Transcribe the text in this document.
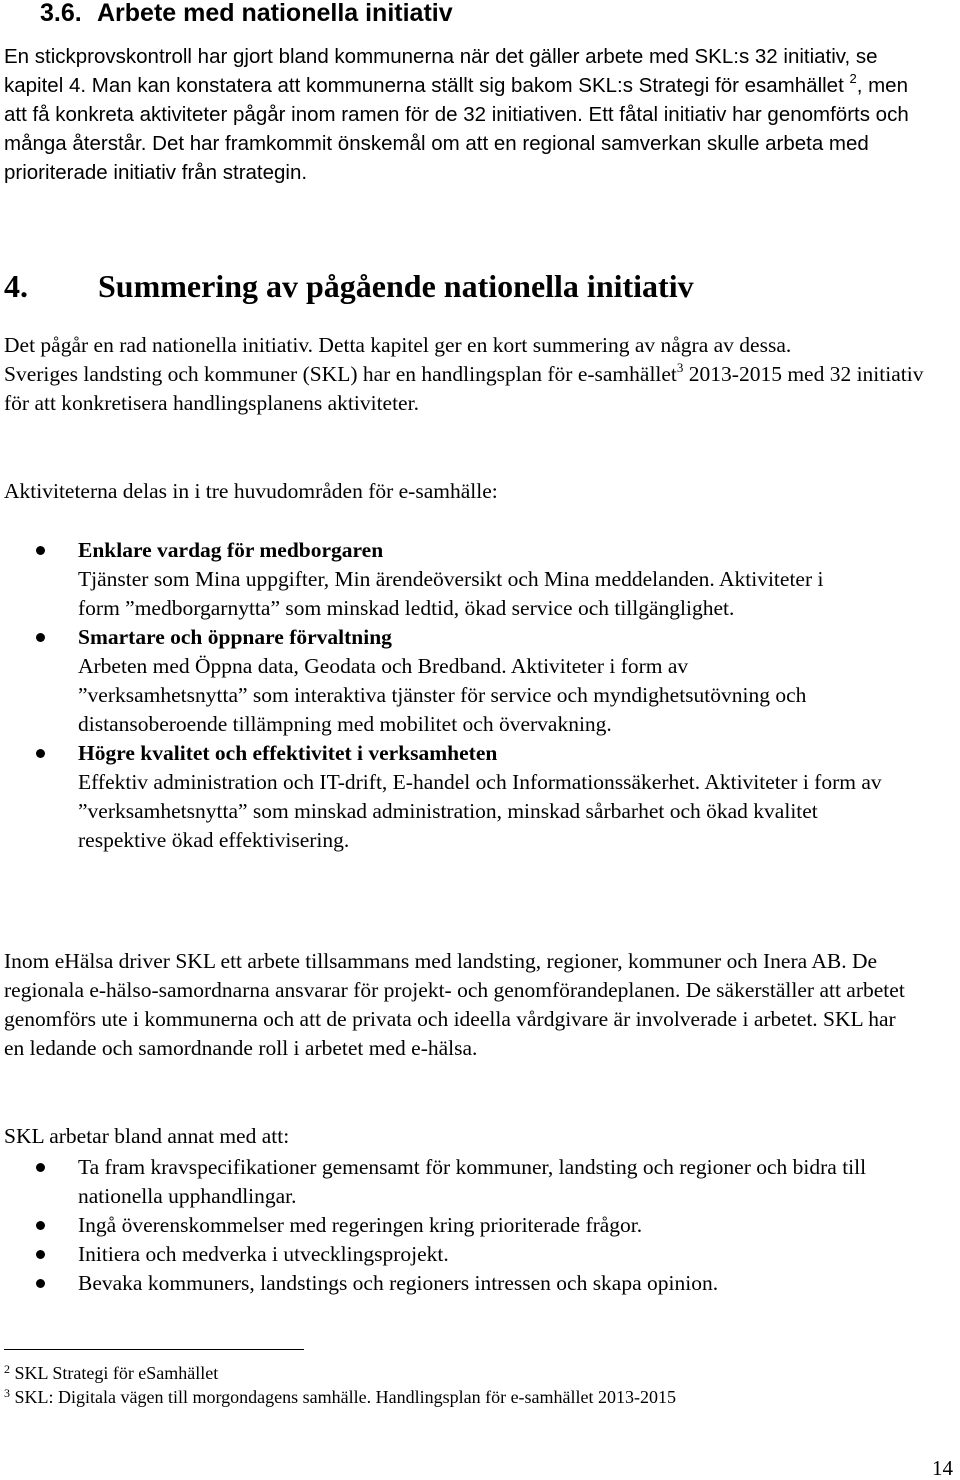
3.6. Arbete med nationella initiativ

En stickprovskontroll har gjort bland kommunerna när det gäller arbete med SKL:s 32 initiativ, se kapitel 4. Man kan konstatera att kommunerna ställt sig bakom SKL:s Strategi för esamhället $^2$, men att få konkreta aktiviteter pågår inom ramen för de 32 initiativen. Ett fåtal initiativ har genomförts och många återstår. Det har framkommit önskemål om att en regional samverkan skulle arbeta med prioriterade initiativ från strategin.

4. Summering av pågående nationella initiativ

Det pågår en rad nationella initiativ. Detta kapitel ger en kort summering av några av dessa.
Sveriges landsting och kommuner (SKL) har en handlingsplan för e-samhället$^3$ 2013-2015 med 32 initiativ för att konkretisera handlingsplanens aktiviteter.

Aktiviteterna delas in i tre huvudområden för e-samhälle:

Enklare vardag för medborgaren
Tjänster som Mina uppgifter, Min ärendeöversikt och Mina meddelanden. Aktiviteter i form ”medborgarnytta” som minskad ledtid, ökad service och tillgänglighet.
Smartare och öppnare förvaltning
Arbeten med Öppna data, Geodata och Bredband. Aktiviteter i form av ”verksamhetsnytta” som interaktiva tjänster för service och myndighetsutövning och distansoberoende tillämpning med mobilitet och övervakning.
Högre kvalitet och effektivitet i verksamheten
Effektiv administration och IT-drift, E-handel och Informationssäkerhet. Aktiviteter i form av ”verksamhetsnytta” som minskad administration, minskad sårbarhet och ökad kvalitet respektive ökad effektivisering.

Inom eHälsa driver SKL ett arbete tillsammans med landsting, regioner, kommuner och Inera AB. De regionala e-hälso-samordnarna ansvarar för projekt- och genomförandeplanen. De säkerställer att arbetet genomförs ute i kommunerna och att de privata och ideella vårdgivare är involverade i arbetet. SKL har en ledande och samordnande roll i arbetet med e-hälsa.

SKL arbetar bland annat med att:

Ta fram kravspecifikationer gemensamt för kommuner, landsting och regioner och bidra till nationella upphandlingar.
Ingå överenskommelser med regeringen kring prioriterade frågor.
Initiera och medverka i utvecklingsprojekt.
Bevaka kommuners, landstings och regioners intressen och skapa opinion.
$^2$ SKL Strategi för eSamhället
$^3$ SKL: Digitala vägen till morgondagens samhälle. Handlingsplan för e-samhället 2013-2015
14
